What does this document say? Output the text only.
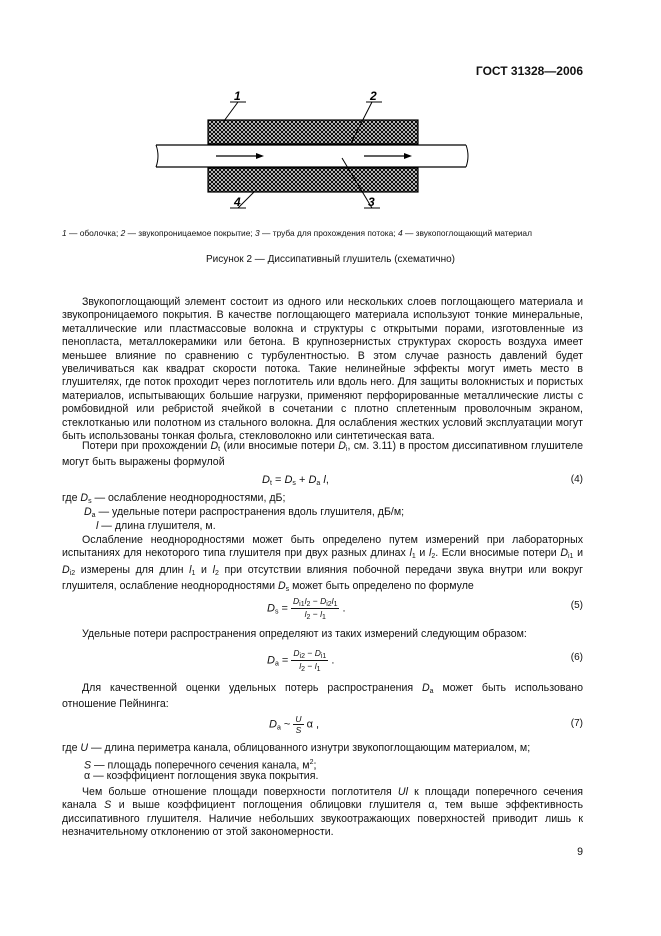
ГОСТ 31328—2006
1	2
4	3
1 — оболочка; 2 — звукопроницаемое покрытие; 3 — труба для прохождения потока; 4 — звукопоглощающий материал
Рисунок 2 — Диссипативный глушитель (схематично)
Звукопоглощающий элемент состоит из одного или нескольких слоев поглощающего материала и звукопроницаемого покрытия. В качестве поглощающего материала используют тонкие минеральные, металлические или пластмассовые волокна и структуры с открытыми порами, изготовленные из пенопласта, металлокерамики или бетона. В крупнозернистых структурах скорость воздуха имеет меньшее влияние по сравнению с турбулентностью. В этом случае разность давлений будет увеличиваться как квадрат скорости потока. Такие нелинейные эффекты могут иметь место в глушителях, где поток проходит через поглотитель или вдоль него. Для защиты волокнистых и пористых материалов, испытывающих большие нагрузки, применяют перфорированные металлические листы с ромбовидной или ребристой ячейкой в сочетании с плотно сплетенным проволочным экраном, стеклотканью или полотном из стального волокна. Для ослабления жестких условий эксплуатации могут быть использованы тонкая фольга, стекловолокно или синтетическая вата.
Потери при прохождении $D_t$ (или вносимые потери $D_i$, см. 3.11) в простом диссипативном глушителе могут быть выражены формулой
$D_t = D_s + D_a$ l,	(4)
где $D_s$ — ослабление неоднородностями, дБ;
$D_a$ — удельные потери распространения вдоль глушителя, дБ/м;
l — длина глушителя, м.
Ослабление неоднородностями может быть определено путем измерений при лабораторных испытаниях для некоторого типа глушителя при двух разных длинах $l_1$ и $l_2$. Если вносимые потери $D_{i1}$ и $D_{i2}$ измерены для длин $l_1$ и $l_2$ при отсутствии влияния побочной передачи звука внутри или вокруг глушителя, ослабление неоднородностями $D_s$ может быть определено по формуле
$D_s = \frac{D_{i1}l_2 - D_{i2}l_1}{l_2 - l_1}$ .	(5)
Удельные потери распространения определяют из таких измерений следующим образом:
$D_a = \frac{D_{i2} - D_{i1}}{l_2 - l_1}$ .	(6)
Для качественной оценки удельных потерь распространения $D_a$ может быть использовано отношение Пейнинга:
$D_a$ ~ $\frac{U}{S}$ α ,	(7)
где U — длина периметра канала, облицованного изнутри звукопоглощающим материалом, м;
S — площадь поперечного сечения канала, $м^2$;
α — коэффициент поглощения звука покрытия.
Чем больше отношение площади поверхности поглотителя Ul к площади поперечного сечения канала S и выше коэффициент поглощения облицовки глушителя α, тем выше эффективность диссипативного глушителя. Наличие небольших звукоотражающих поверхностей приводит лишь к незначительному отклонению от этой закономерности.
9
